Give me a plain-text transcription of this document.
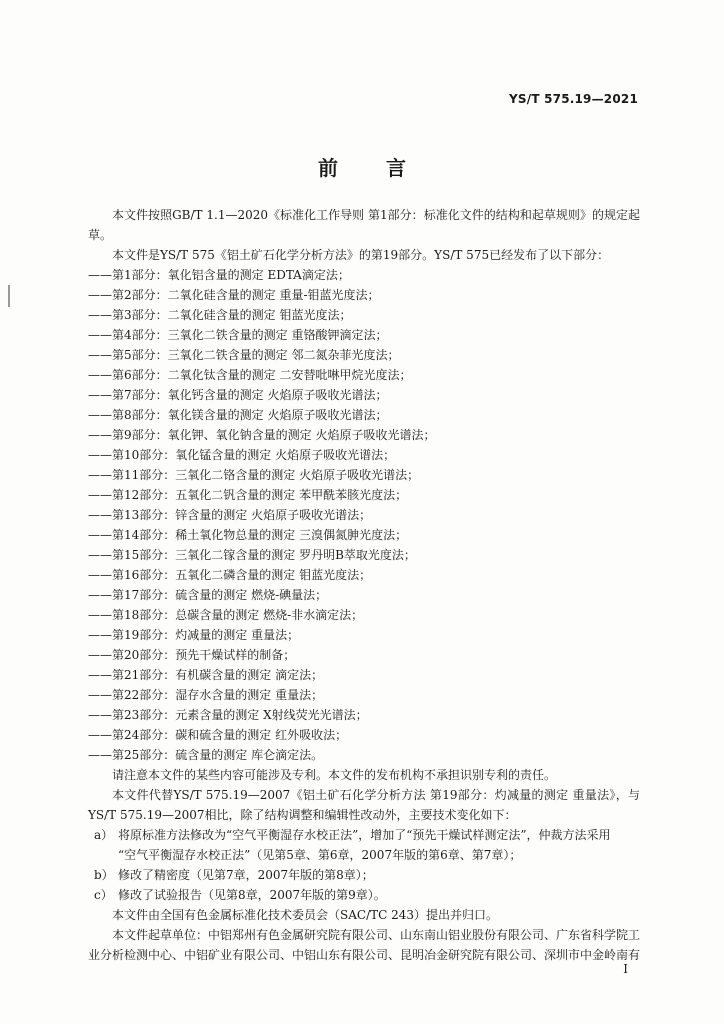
YS/T 575.19—2021
前言

本文件按照GB/T 1.1—2020《标准化工作导则 第1部分：标准化文件的结构和起草规则》的规定起草。

本文件是YS/T 575《铝土矿石化学分析方法》的第19部分。YS/T 575已经发布了以下部分：

——第1部分：氧化铝含量的测定 EDTA滴定法；

——第2部分：二氧化硅含量的测定 重量-钼蓝光度法；

——第3部分：二氧化硅含量的测定 钼蓝光度法；

——第4部分：三氧化二铁含量的测定 重铬酸钾滴定法；

——第5部分：三氧化二铁含量的测定 邻二氮杂菲光度法；

——第6部分：二氧化钛含量的测定 二安替吡啉甲烷光度法；

——第7部分：氧化钙含量的测定 火焰原子吸收光谱法；

——第8部分：氧化镁含量的测定 火焰原子吸收光谱法；

——第9部分：氧化钾、氧化钠含量的测定 火焰原子吸收光谱法；

——第10部分：氧化锰含量的测定 火焰原子吸收光谱法；

——第11部分：三氧化二铬含量的测定 火焰原子吸收光谱法；

——第12部分：五氧化二钒含量的测定 苯甲酰苯胲光度法；

——第13部分：锌含量的测定 火焰原子吸收光谱法；

——第14部分：稀土氧化物总量的测定 三溴偶氮胂光度法；

——第15部分：三氧化二镓含量的测定 罗丹明B萃取光度法；

——第16部分：五氧化二磷含量的测定 钼蓝光度法；

——第17部分：硫含量的测定 燃烧-碘量法；

——第18部分：总碳含量的测定 燃烧-非水滴定法；

——第19部分：灼减量的测定 重量法；

——第20部分：预先干燥试样的制备；

——第21部分：有机碳含量的测定 滴定法；

——第22部分：湿存水含量的测定 重量法；

——第23部分：元素含量的测定 X射线荧光光谱法；

——第24部分：碳和硫含量的测定 红外吸收法；

——第25部分：硫含量的测定 库仑滴定法。

请注意本文件的某些内容可能涉及专利。本文件的发布机构不承担识别专利的责任。

本文件代替YS/T 575.19—2007《铝土矿石化学分析方法 第19部分：灼减量的测定 重量法》，与YS/T 575.19—2007相比，除了结构调整和编辑性改动外，主要技术变化如下：

a） 将原标准方法修改为“空气平衡湿存水校正法”，增加了“预先干燥试样测定法”，仲裁方法采用
“空气平衡湿存水校正法”（见第5章、第6章，2007年版的第6章、第7章）；

b） 修改了精密度（见第7章，2007年版的第8章）；

c） 修改了试验报告（见第8章，2007年版的第9章）。

本文件由全国有色金属标准化技术委员会（SAC/TC 243）提出并归口。

本文件起草单位：中铝郑州有色金属研究院有限公司、山东南山铝业股份有限公司、广东省科学院工业分析检测中心、中铝矿业有限公司、中铝山东有限公司、昆明冶金研究院有限公司、深圳市中金岭南有

I
